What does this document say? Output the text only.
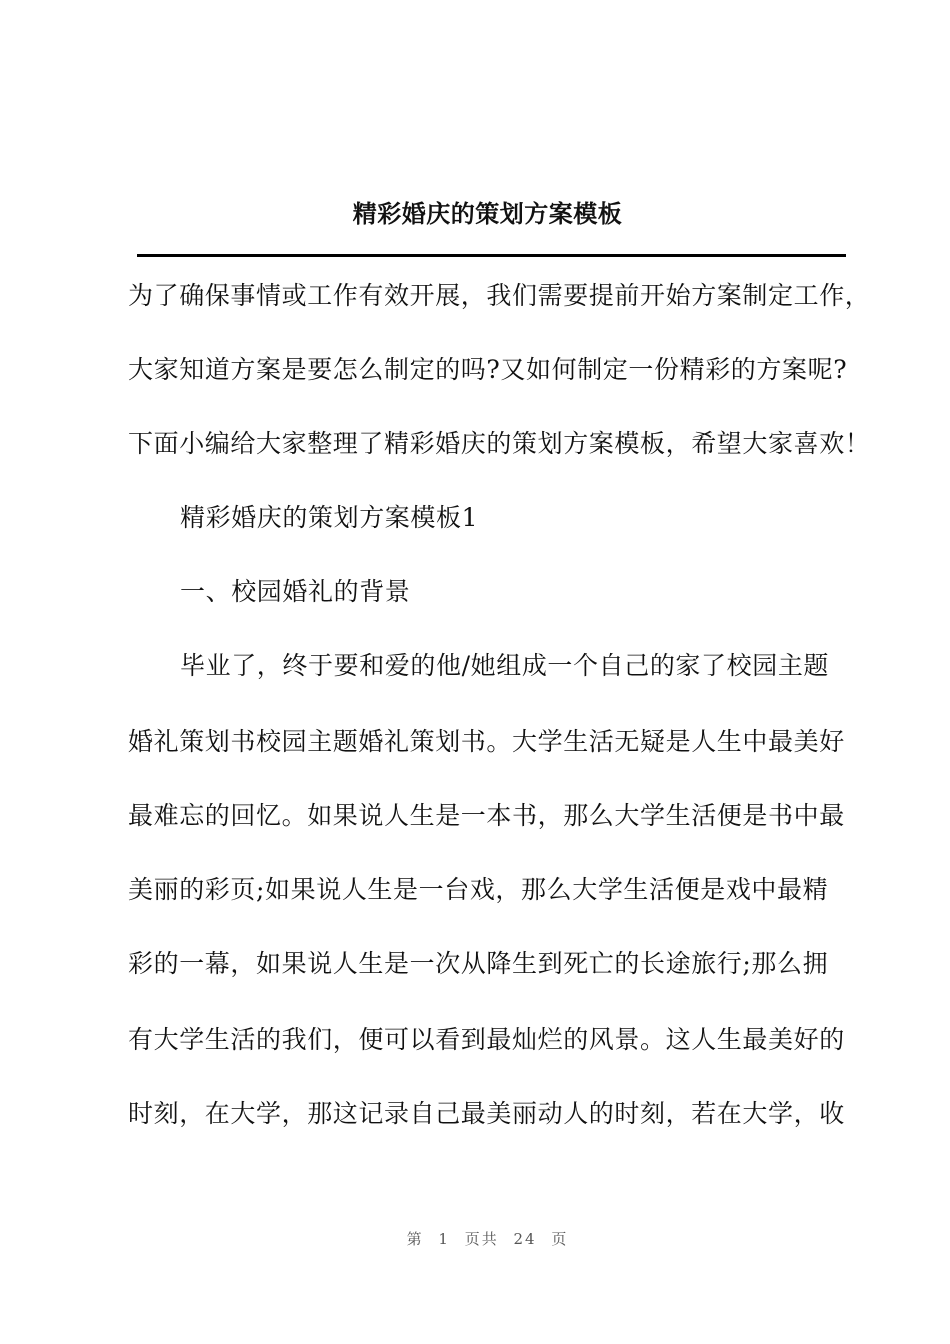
精彩婚庆的策划方案模板
为了确保事情或工作有效开展，我们需要提前开始方案制定工作，
大家知道方案是要怎么制定的吗?又如何制定一份精彩的方案呢?
下面小编给大家整理了精彩婚庆的策划方案模板，希望大家喜欢！
精彩婚庆的策划方案模板1
一、校园婚礼的背景
毕业了，终于要和爱的他/她组成一个自己的家了校园主题
婚礼策划书校园主题婚礼策划书。大学生活无疑是人生中最美好
最难忘的回忆。如果说人生是一本书，那么大学生活便是书中最
美丽的彩页;如果说人生是一台戏，那么大学生活便是戏中最精
彩的一幕，如果说人生是一次从降生到死亡的长途旅行;那么拥
有大学生活的我们，便可以看到最灿烂的风景。这人生最美好的
时刻，在大学，那这记录自己最美丽动人的时刻，若在大学，收
第 1 页共 24 页
